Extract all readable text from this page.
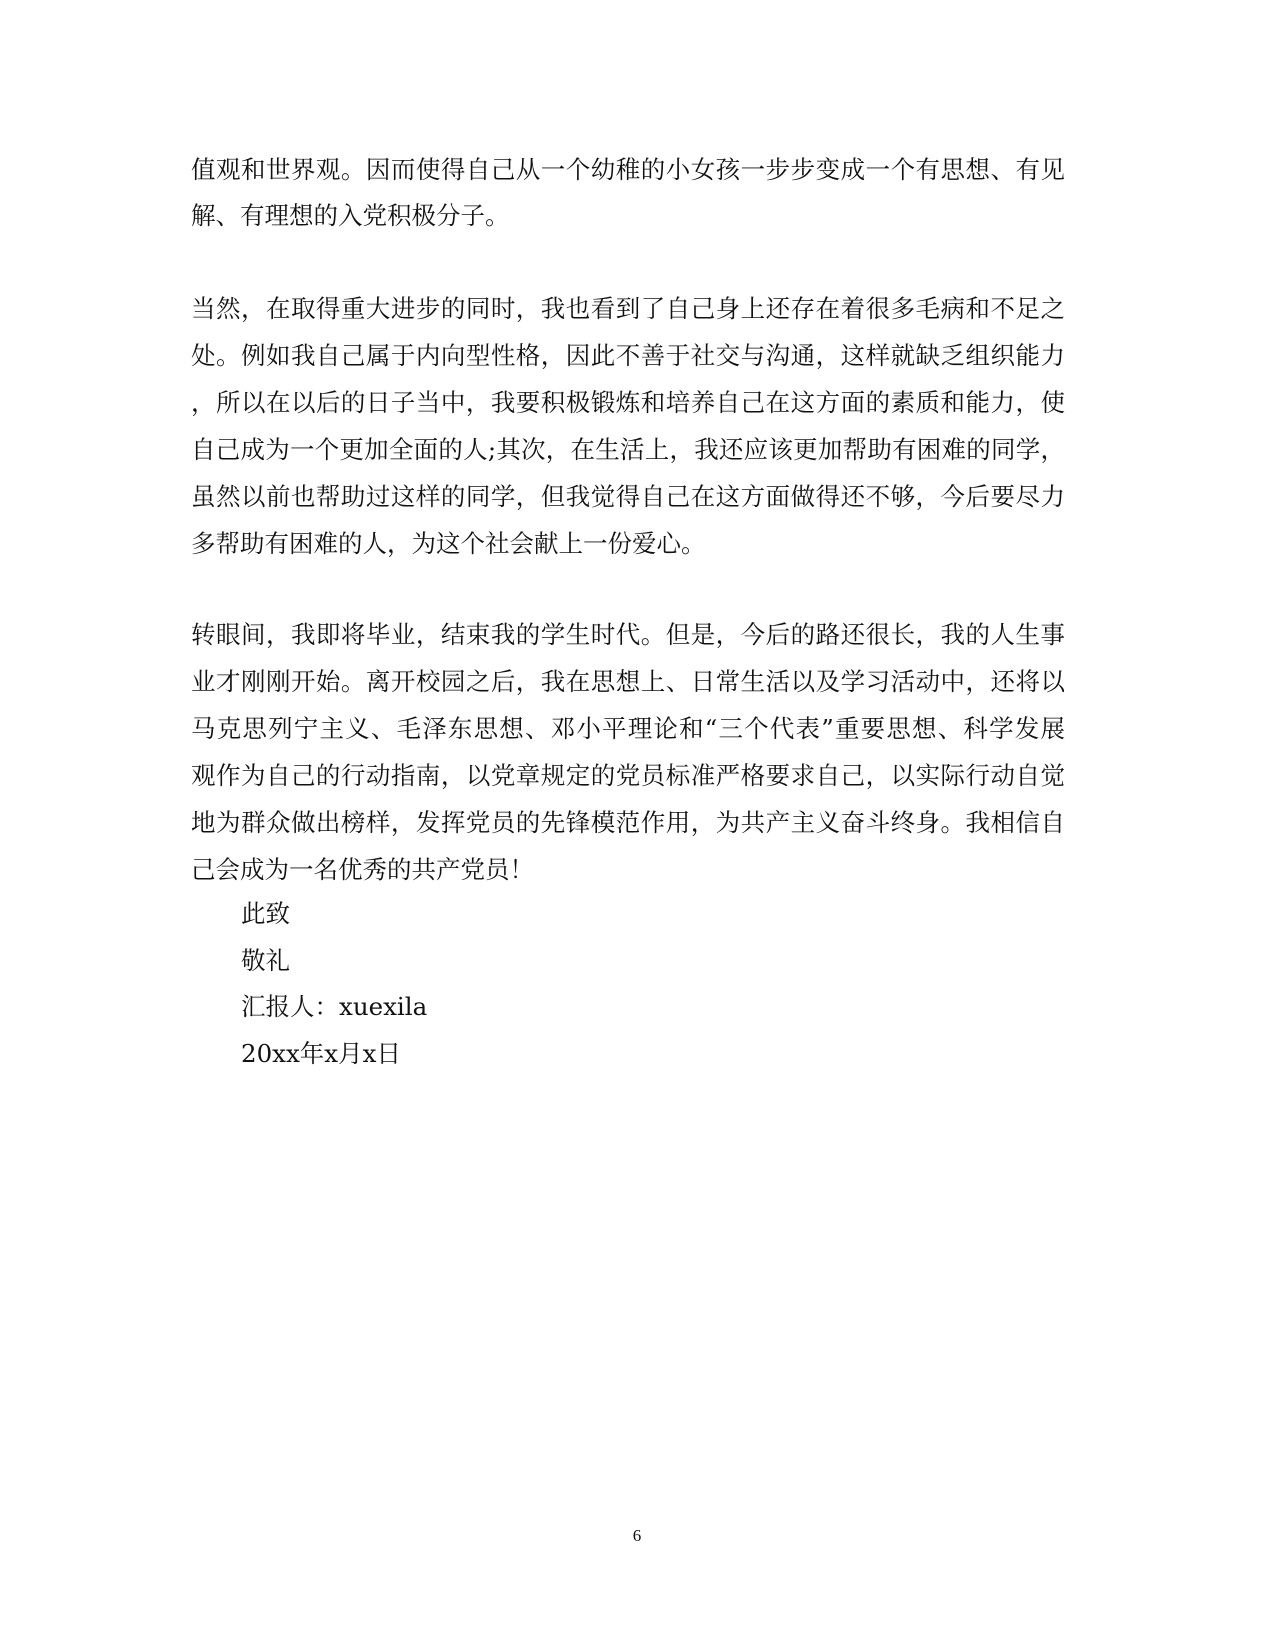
值 观 和 世 界 观 。 因 而 使 得 自 己 从 一 个 幼 稚 的 小 女 孩 一 步 步 变 成 一 个 有 思 想 、 有 见
解、有理想的入党积极分子。
当 然 ， 在 取 得 重 大 进 步 的 同 时 ， 我 也 看 到 了 自 己 身 上 还 存 在 着 很 多 毛 病 和 不 足 之
处 。 例 如 我 自 己 属 于 内 向 型 性 格 ， 因 此 不 善 于 社 交 与 沟 通 ， 这 样 就 缺 乏 组 织 能 力
， 所 以 在 以 后 的 日 子 当 中 ， 我 要 积 极 锻 炼 和 培 养 自 己 在 这 方 面 的 素 质 和 能 力 ， 使
自 己 成 为 一 个 更 加 全 面 的 人 ; 其 次 ， 在 生 活 上 ， 我 还 应 该 更 加 帮 助 有 困 难 的 同 学 ，
虽 然 以 前 也 帮 助 过 这 样 的 同 学 ， 但 我 觉 得 自 己 在 这 方 面 做 得 还 不 够 ， 今 后 要 尽 力
多帮助有困难的人，为这个社会献上一份爱心。
转 眼 间 ， 我 即 将 毕 业 ， 结 束 我 的 学 生 时 代 。 但 是 ， 今 后 的 路 还 很 长 ， 我 的 人 生 事
业 才 刚 刚 开 始 。 离 开 校 园 之 后 ， 我 在 思 想 上 、 日 常 生 活 以 及 学 习 活 动 中 ， 还 将 以
马 克 思 列 宁 主 义 、 毛 泽 东 思 想 、 邓 小 平 理 论 和 “ 三 个 代 表 ” 重 要 思 想 、 科 学 发 展
观 作 为 自 己 的 行 动 指 南 ， 以 党 章 规 定 的 党 员 标 准 严 格 要 求 自 己 ， 以 实 际 行 动 自 觉
地 为 群 众 做 出 榜 样 ， 发 挥 党 员 的 先 锋 模 范 作 用 ， 为 共 产 主 义 奋 斗 终 身 。 我 相 信 自
己会成为一名优秀的共产党员！
此致
敬礼
汇报人：xuexila
20xx年x月x日
6
